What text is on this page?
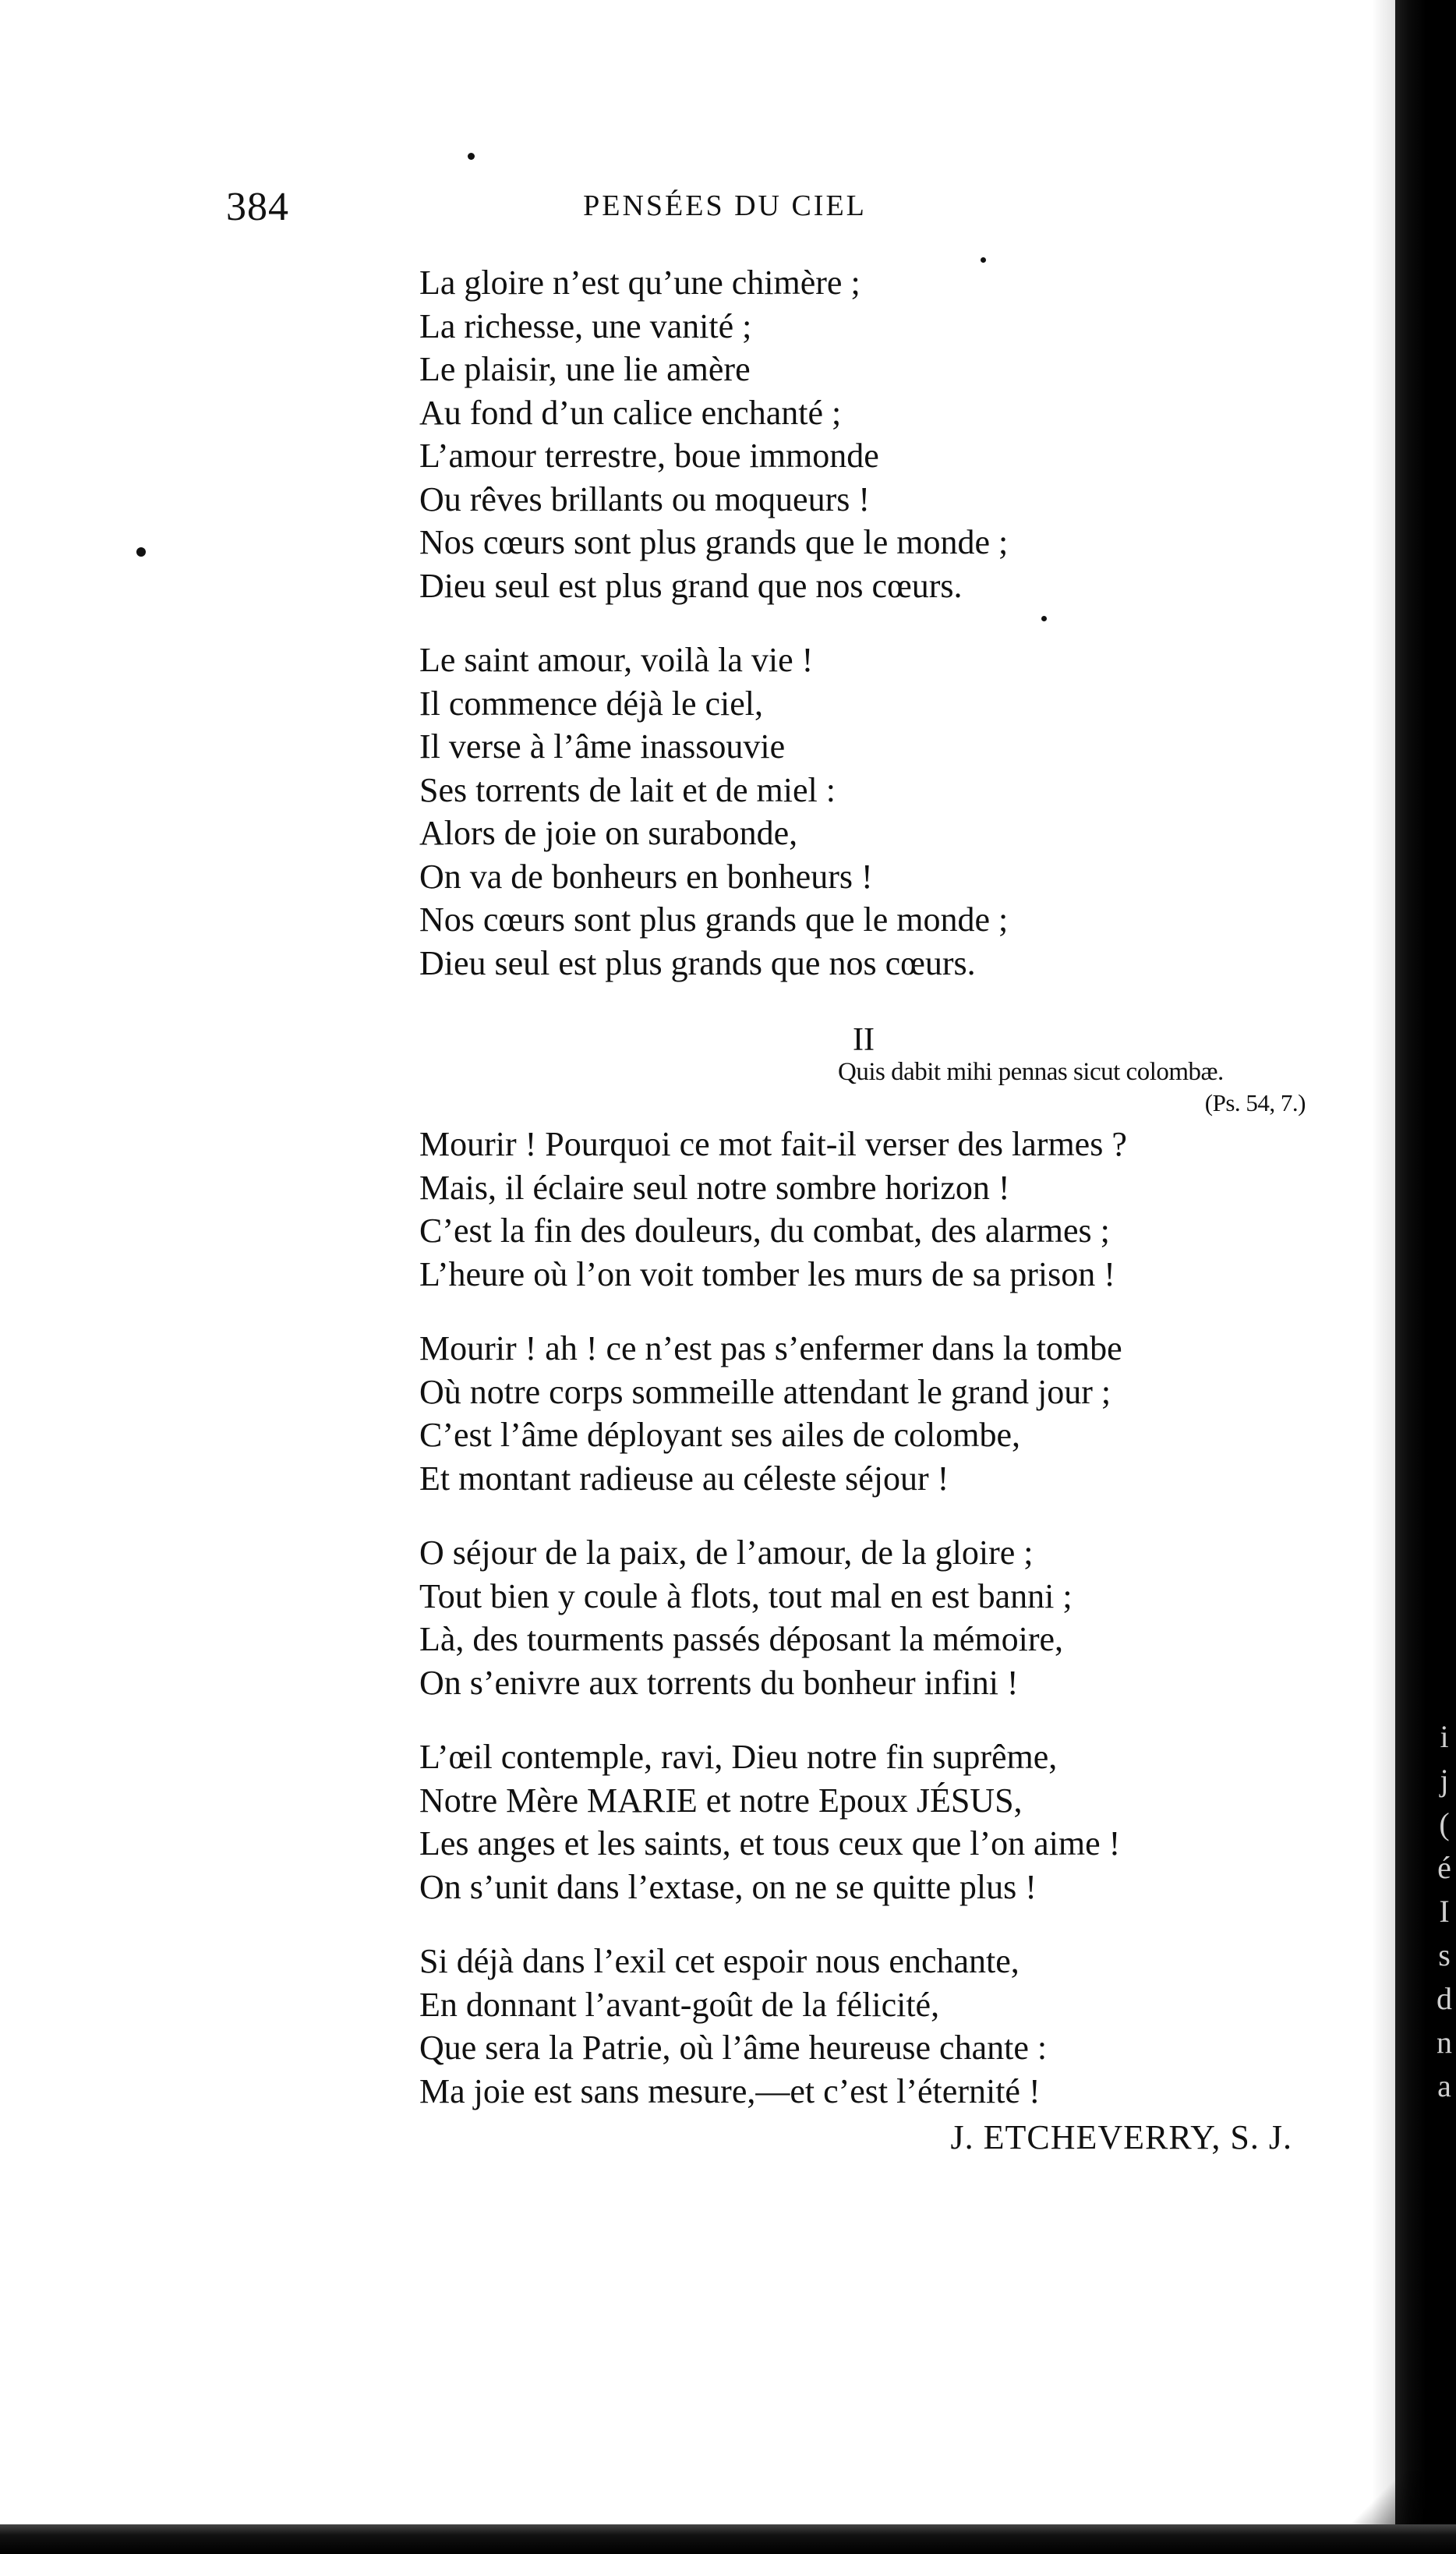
i
j
(
é
I
s
d
n
a
384	PENSÉES DU CIEL
La gloire n’est qu’une chimère ;
La richesse, une vanité ;
Le plaisir, une lie amère
Au fond d’un calice enchanté ;
L’amour terrestre, boue immonde
Ou rêves brillants ou moqueurs !
Nos cœurs sont plus grands que le monde ;
Dieu seul est plus grand que nos cœurs.
Le saint amour, voilà la vie !
Il commence déjà le ciel,
Il verse à l’âme inassouvie
Ses torrents de lait et de miel :
Alors de joie on surabonde,
On va de bonheurs en bonheurs !
Nos cœurs sont plus grands que le monde ;
Dieu seul est plus grands que nos cœurs.
II
Quis dabit mihi pennas sicut colombæ.
(Ps. 54, 7.)
Mourir ! Pourquoi ce mot fait-il verser des larmes ?
Mais, il éclaire seul notre sombre horizon !
C’est la fin des douleurs, du combat, des alarmes ;
L’heure où l’on voit tomber les murs de sa prison !
Mourir ! ah ! ce n’est pas s’enfermer dans la tombe
Où notre corps sommeille attendant le grand jour ;
C’est l’âme déployant ses ailes de colombe,
Et montant radieuse au céleste séjour !
O séjour de la paix, de l’amour, de la gloire ;
Tout bien y coule à flots, tout mal en est banni ;
Là, des tourments passés déposant la mémoire,
On s’enivre aux torrents du bonheur infini !
L’œil contemple, ravi, Dieu notre fin suprême,
Notre Mère MARIE et notre Epoux JÉSUS,
Les anges et les saints, et tous ceux que l’on aime !
On s’unit dans l’extase, on ne se quitte plus !
Si déjà dans l’exil cet espoir nous enchante,
En donnant l’avant-goût de la félicité,
Que sera la Patrie, où l’âme heureuse chante :
Ma joie est sans mesure,—et c’est l’éternité !
J. ETCHEVERRY, S. J.
